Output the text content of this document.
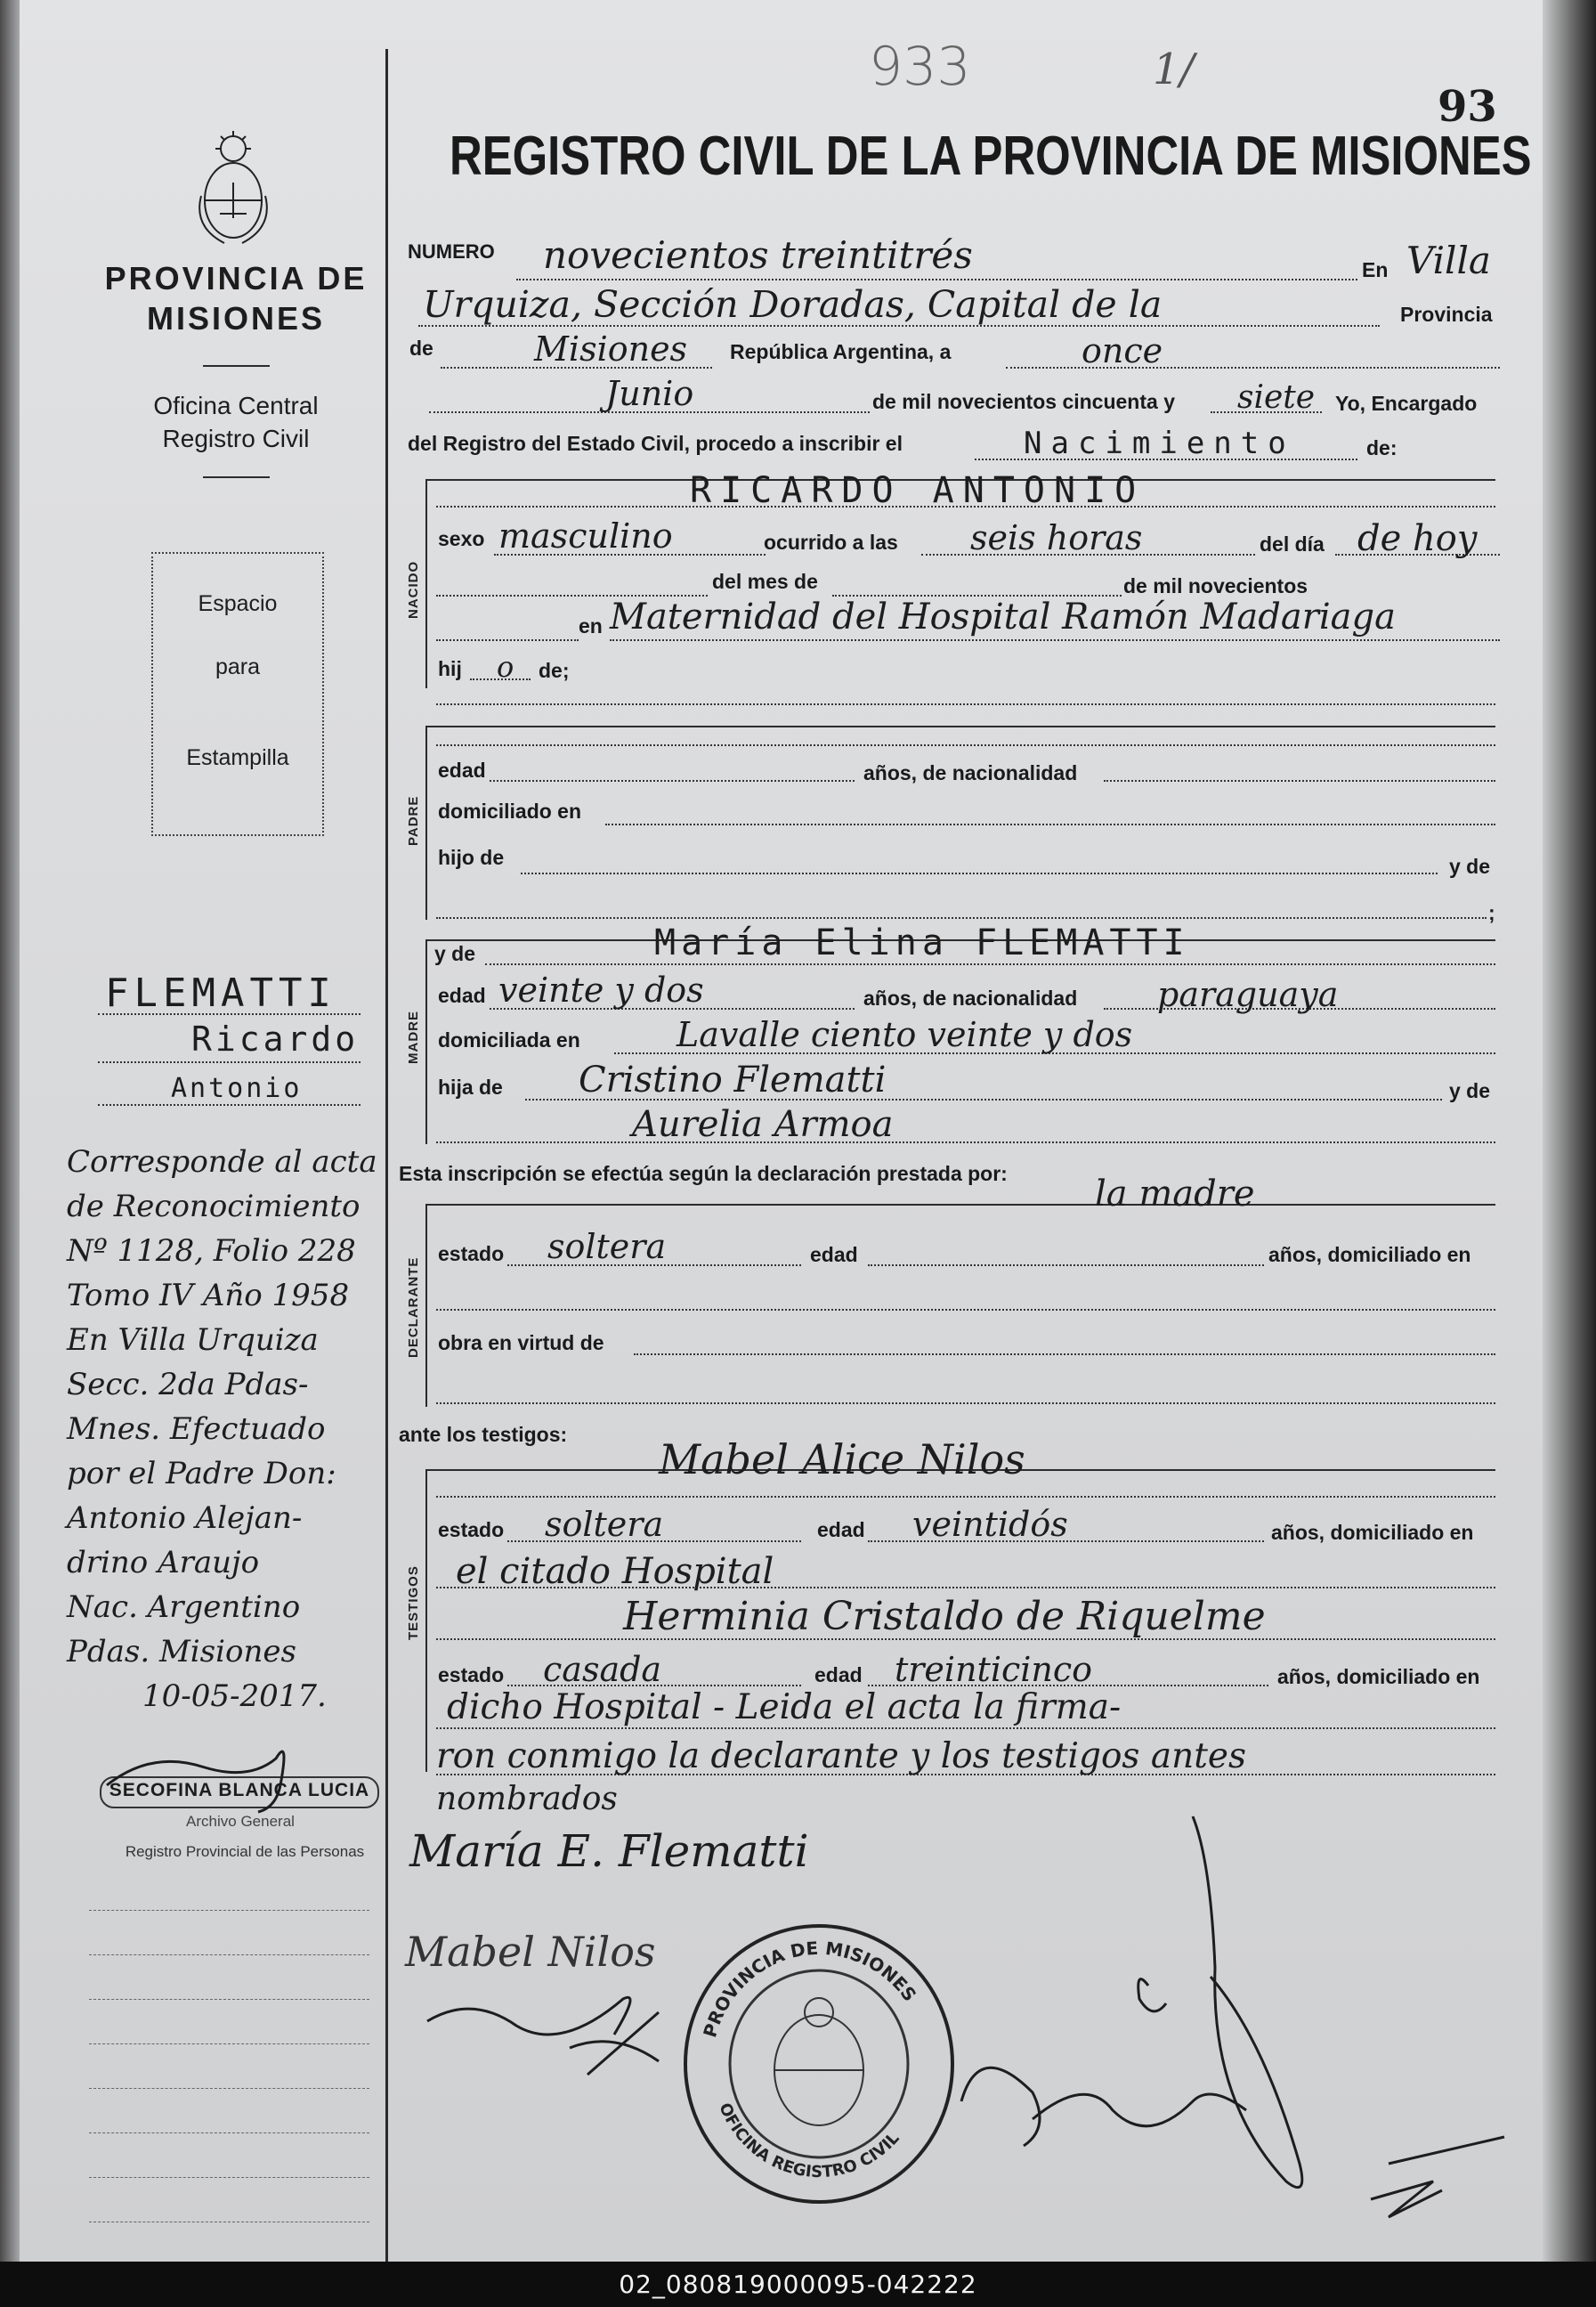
933	1/
93
REGISTRO CIVIL DE LA PROVINCIA DE MISIONES
PROVINCIA DE
MISIONES
Oficina Central
Registro Civil
Espacio
para
Estampilla
FLEMATTI
Ricardo
Antonio
Corresponde al acta
de Reconocimiento
Nº 1128, Folio 228
Tomo IV Año 1958
En Villa Urquiza
Secc. 2da Pdas-
Mnes. Efectuado
por el Padre Don:
Antonio Alejan-
drino Araujo
Nac. Argentino
Pdas. Misiones
10-05-2017.
SECOFINA BLANCA LUCIA
Archivo General
Registro Provincial de las Personas
NACIDO
PADRE
MADRE
DECLARANTE
TESTIGOS
NUMERO novecientos treintitrés	En Villa
Urquiza, Sección Doradas, Capital de la	Provincia
de	Misiones República Argentina, a	once
Junio	de mil novecientos cincuenta y siete Yo, Encargado
del Registro del Estado Civil, procedo a inscribir el	Nacimiento	de:
RICARDO ANTONIO
sexo masculino	ocurrido a las seis horas	del día de hoy
del mes de	de mil novecientos
en Maternidad del Hospital Ramón Madariaga
hij o de;
edad	años, de nacionalidad
domiciliado en
hijo de	y de
;
y de	María Elina FLEMATTI
edad veinte y dos	años, de nacionalidad paraguaya
domiciliada en	Lavalle ciento veinte y dos
hija de Cristino Flematti	y de
Aurelia Armoa
Esta inscripción se efectúa según la declaración prestada por: la madre
estado soltera	edad	años, domiciliado en
obra en virtud de
ante los testigos:
Mabel Alice Nilos
estado soltera	edad veintidós	años, domiciliado en
el citado Hospital
Herminia Cristaldo de Riquelme
estado casada	edad treinticinco	años, domiciliado en
dicho Hospital - Leida el acta la firma-
ron conmigo la declarante y los testigos antes
nombrados
María E. Flematti
Mabel Nilos
PROVINCIA DE MISIONES
OFICINA REGISTRO CIVIL
02_080819000095-042222
